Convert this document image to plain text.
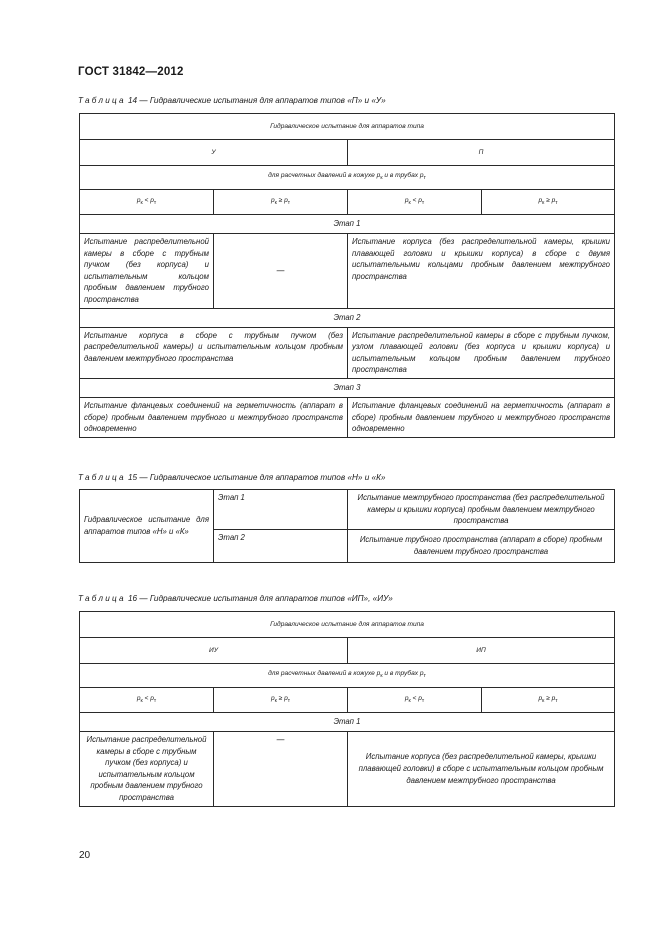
ГОСТ 31842—2012
Таблица 14 — Гидравлические испытания для аппаратов типов «П» и «У»
Гидравлическое испытание для аппаратов типа			
У		П	
для расчетных давлений в кожухе $p_к$ и в трубах $p_т$
$p_к < p_т$	$p_к \ge p_т$	$p_к < p_т$	$p_к \ge p_т$
Этап 1			
Испытание распределительной камеры в сборе с трубным пучком (без корпуса) и испытательным кольцом пробным давлением трубного пространства	—	Испытание корпуса (без распределительной камеры, крышки плавающей головки и крышки корпуса) в сборе с двумя испытательными кольцами пробным давлением межтрубного пространства	
Этап 2			
Испытание корпуса в сборе с трубным пучком (без распределительной камеры) и испытательным кольцом пробным давлением межтрубного пространства		Испытание распределительной камеры в сборе с трубным пучком, узлом плавающей головки (без корпуса и крышки корпуса) и испытательным кольцом пробным давлением трубного пространства	
Этап 3			
Испытание фланцевых соединений на герметичность (аппарат в сборе) пробным давлением трубного и межтрубного пространств одновременно		Испытание фланцевых соединений на герметичность (аппарат в сборе) пробным давлением трубного и межтрубного пространств одновременно	
Таблица 15 — Гидравлическое испытание для аппаратов типов «Н» и «К»
Гидравлическое испытание для аппаратов типов «Н» и «К»	Этап 1	Испытание межтрубного пространства (без распределительной камеры и крышки корпуса) пробным давлением межтрубного пространства
	Этап 2	Испытание трубного пространства (аппарат в сборе) пробным давлением трубного пространства
Таблица 16 — Гидравлические испытания для аппаратов типов «ИП», «ИУ»
Гидравлическое испытание для аппаратов типа			
ИУ		ИП	
для расчетных давлений в кожухе $p_к$ и в трубах $p_т$
$p_к < p_т$	$p_к \ge p_т$	$p_к < p_т$	$p_к \ge p_т$
Этап 1			
Испытание распределительной камеры в сборе с трубным пучком (без корпуса) и испытательным кольцом пробным давлением трубного пространства	—	Испытание корпуса (без распределительной камеры, крышки плавающей головки) в сборе с испытательным кольцом пробным давлением межтрубного пространства	
20
